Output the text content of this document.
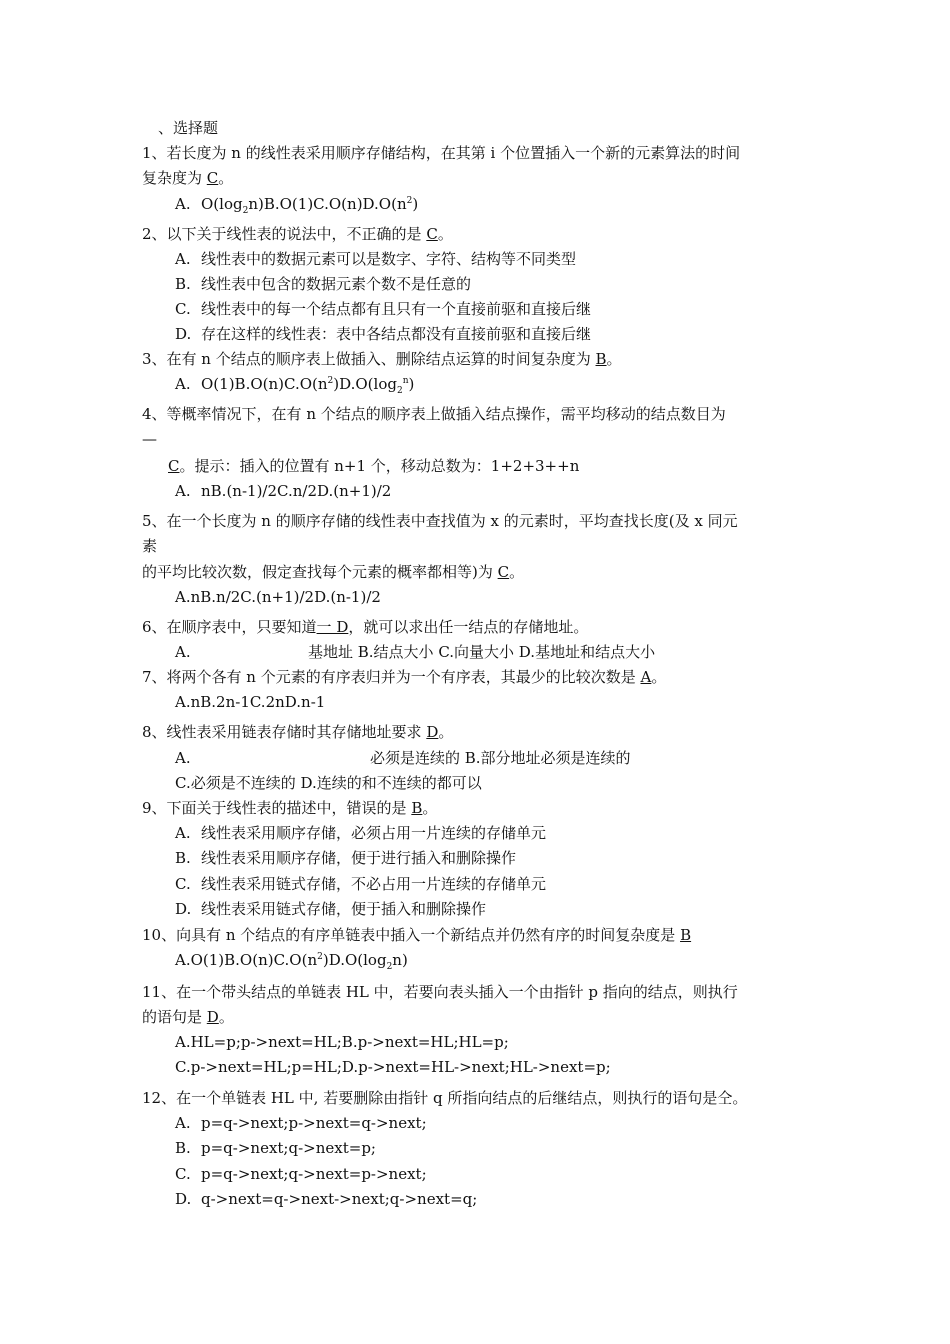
、选择题
1、若长度为 n 的线性表采用顺序存储结构，在其第 i 个位置插入一个新的元素算法的时间
复杂度为 C。
A. $O(\log_2n)B.O(1)C.O(n)D.O(n^2)$
2、以下关于线性表的说法中，不正确的是 C。
A. 线性表中的数据元素可以是数字、字符、结构等不同类型
B. 线性表中包含的数据元素个数不是任意的
C. 线性表中的每一个结点都有且只有一个直接前驱和直接后继
D. 存在这样的线性表：表中各结点都没有直接前驱和直接后继
3、在有 n 个结点的顺序表上做插入、删除结点运算的时间复杂度为 B。
A. $O(1)B.O(n)C.O(n^2)D.O(\log_2^n)$
4、等概率情况下，在有 n 个结点的顺序表上做插入结点操作，需平均移动的结点数目为
—
C。提示：插入的位置有 n+1 个，移动总数为：1+2+3++n
A. nB.(n-1)/2C.n/2D.(n+1)/2
5、在一个长度为 n 的顺序存储的线性表中查找值为 x 的元素时，平均查找长度(及 x 同元
素
的平均比较次数，假定查找每个元素的概率都相等)为 C。
A.nB.n/2C.(n+1)/2D.(n-1)/2
6、在顺序表中，只要知道一 D，就可以求出任一结点的存储地址。
A.	基地址 B.结点大小 C.向量大小 D.基地址和结点大小
7、将两个各有 n 个元素的有序表归并为一个有序表，其最少的比较次数是 A。
A.nB.2n-1C.2nD.n-1
8、线性表采用链表存储时其存储地址要求 D。
A.	必须是连续的 B.部分地址必须是连续的
C.必须是不连续的 D.连续的和不连续的都可以
9、下面关于线性表的描述中，错误的是 B。
A. 线性表采用顺序存储，必须占用一片连续的存储单元
B. 线性表采用顺序存储，便于进行插入和删除操作
C. 线性表采用链式存储，不必占用一片连续的存储单元
D. 线性表采用链式存储，便于插入和删除操作
10、向具有 n 个结点的有序单链表中插入一个新结点并仍然有序的时间复杂度是 B
$A.O(1)B.O(n)C.O(n^2)D.O(\log_2n)$
11、在一个带头结点的单链表 HL 中，若要向表头插入一个由指针 p 指向的结点，则执行
的语句是 D。
A.HL=p;p->next=HL;B.p->next=HL;HL=p;
C.p->next=HL;p=HL;D.p->next=HL->next;HL->next=p;
12、在一个单链表 HL 中, 若要删除由指针 q 所指向结点的后继结点，则执行的语句是仝。
A. p=q->next;p->next=q->next;
B. p=q->next;q->next=p;
C. p=q->next;q->next=p->next;
D. q->next=q->next->next;q->next=q;
